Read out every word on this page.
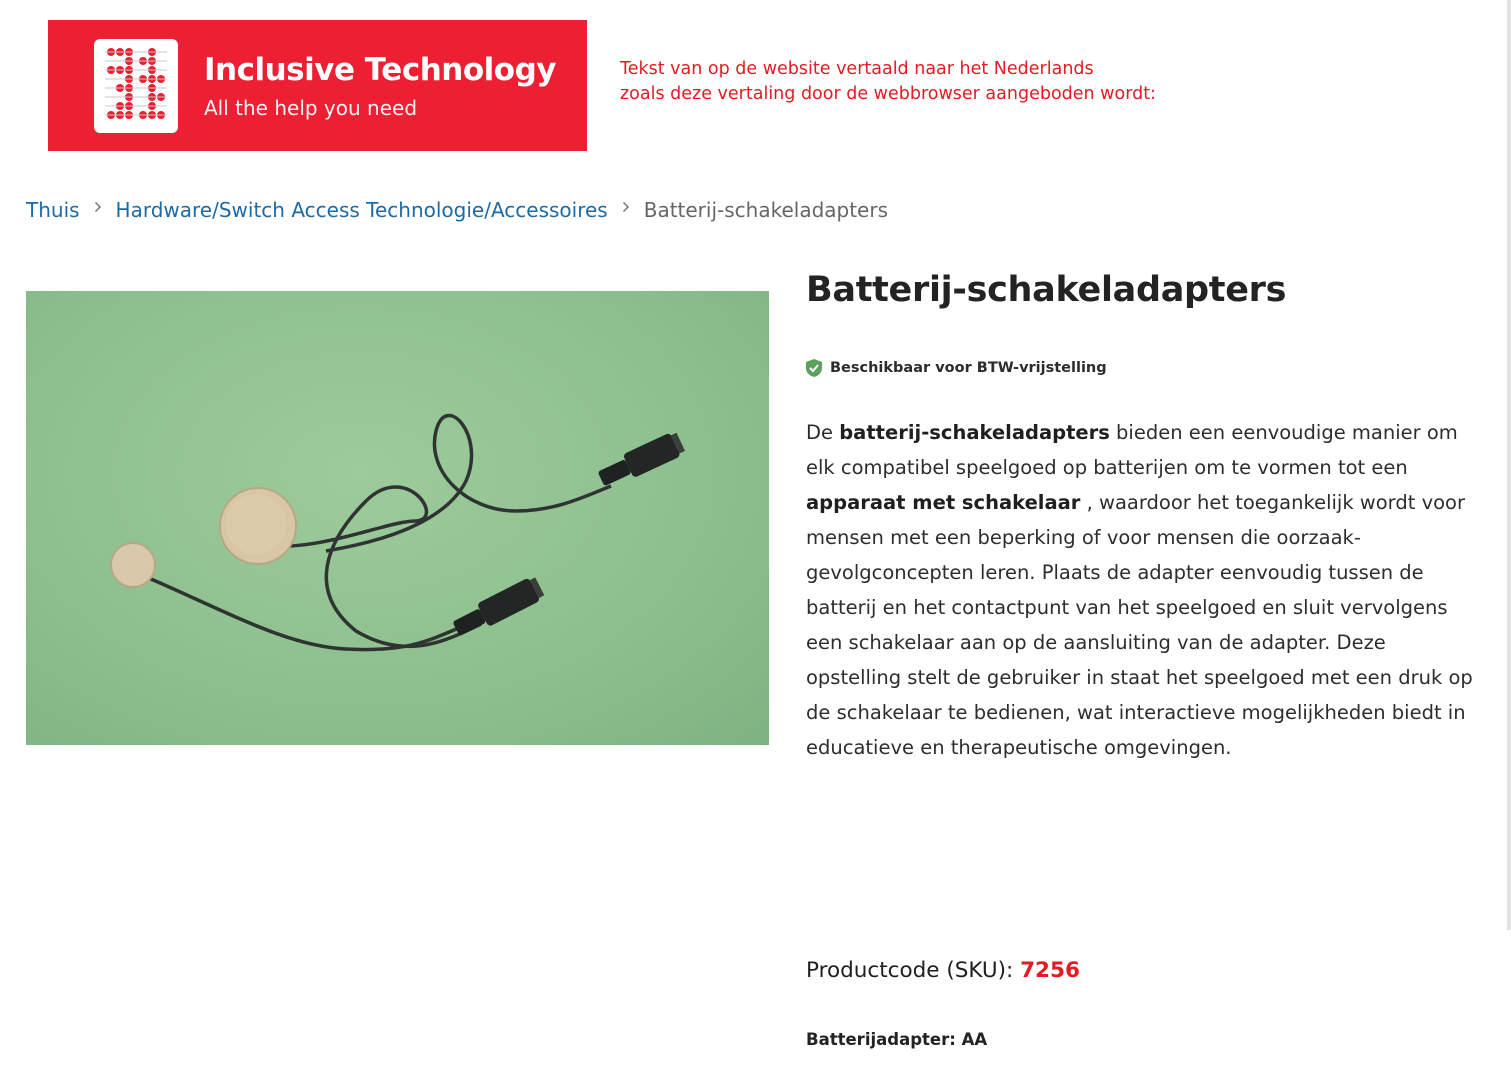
Inclusive Technology
All the help you need
Tekst van op de website vertaald naar het Nederlands
zoals deze vertaling door de webbrowser aangeboden wordt:
Thuis Hardware/Switch Access Technologie/Accessoires Batterij-schakeladapters
Batterij-schakeladapters
Beschikbaar voor BTW-vrijstelling
De batterij-schakeladapters bieden een eenvoudige manier om elk compatibel speelgoed op batterijen om te vormen tot een apparaat met schakelaar , waardoor het toegankelijk wordt voor mensen met een beperking of voor mensen die oorzaak-gevolgconcepten leren. Plaats de adapter eenvoudig tussen de batterij en het contactpunt van het speelgoed en sluit vervolgens een schakelaar aan op de aansluiting van de adapter. Deze opstelling stelt de gebruiker in staat het speelgoed met een druk op de schakelaar te bedienen, wat interactieve mogelijkheden biedt in educatieve en therapeutische omgevingen.
Productcode (SKU): 7256
Batterijadapter: AA
